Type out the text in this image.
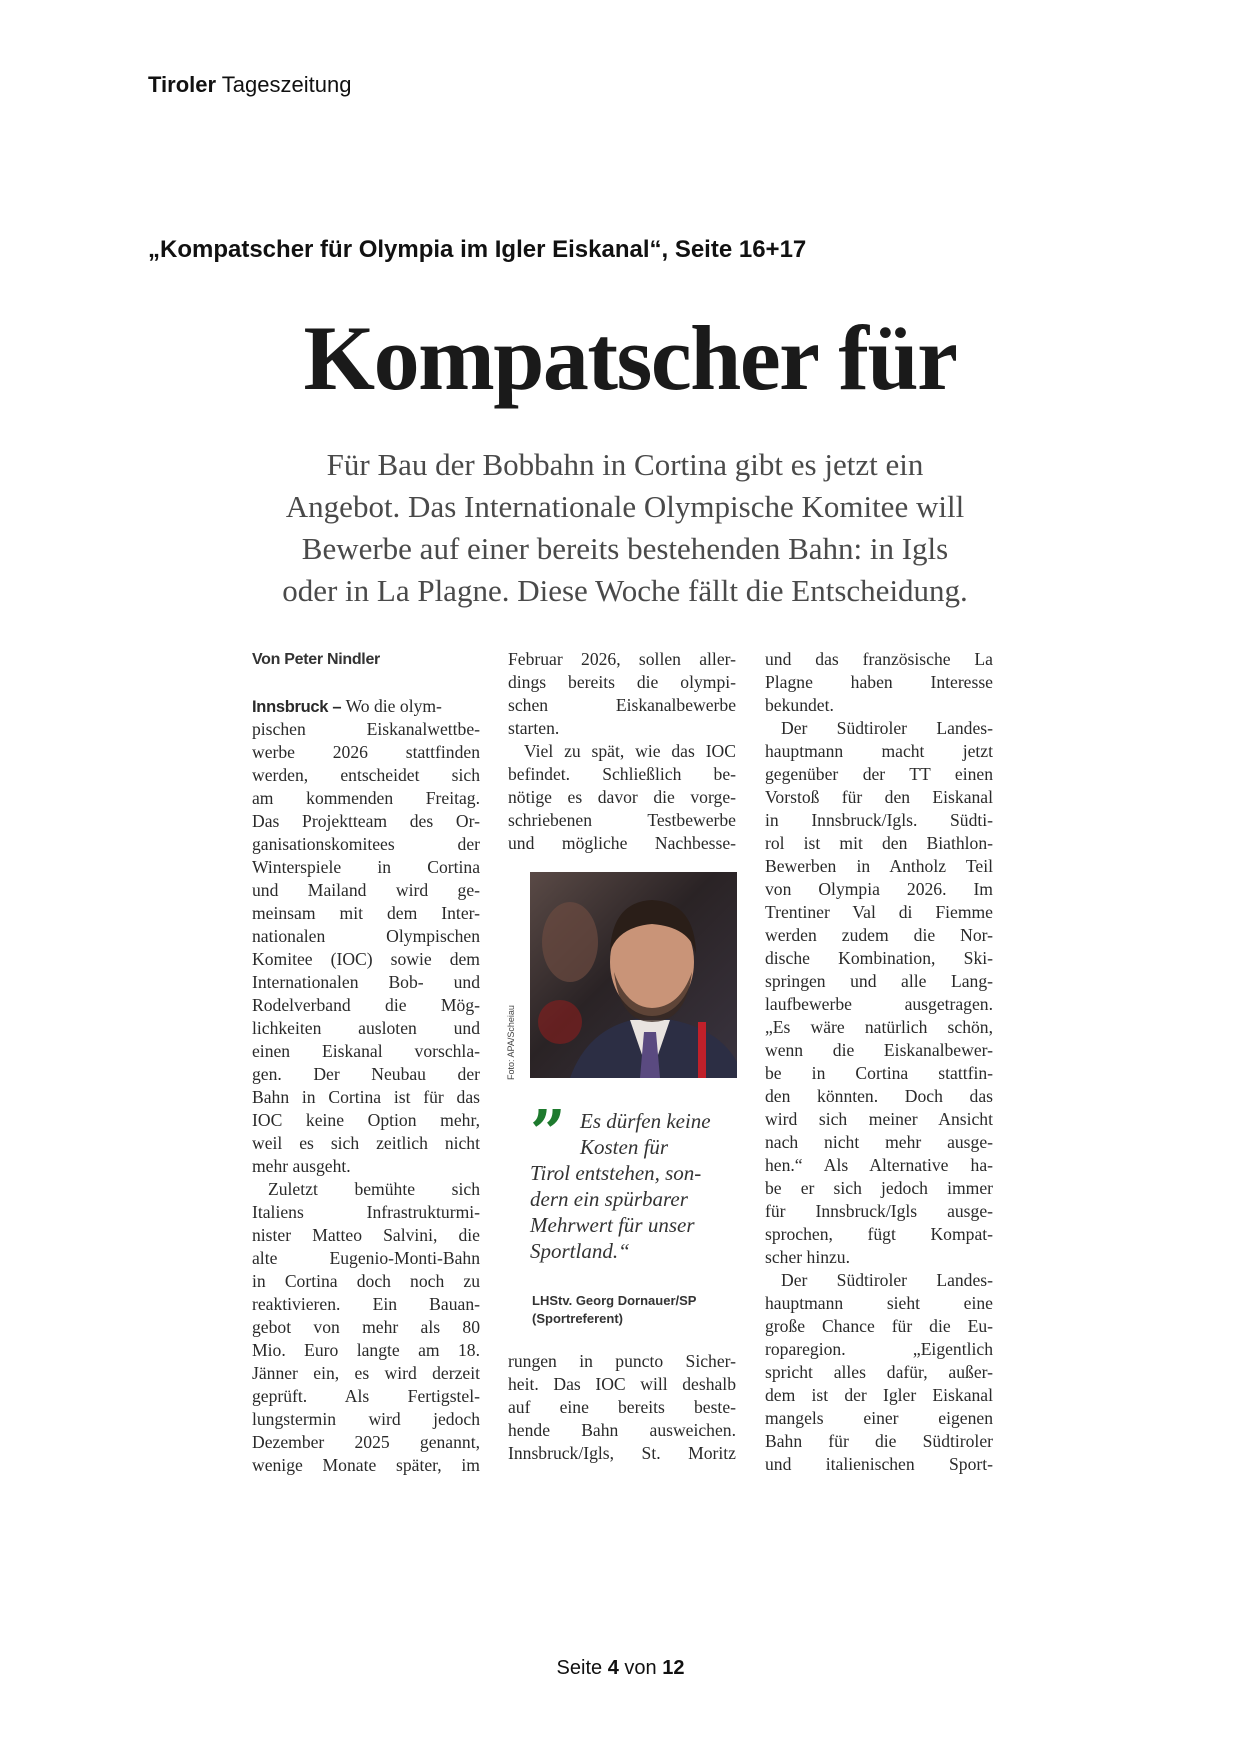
Tiroler Tageszeitung
„Kompatscher für Olympia im Igler Eiskanal“, Seite 16+17
Kompatscher für
Für Bau der Bobbahn in Cortina gibt es jetzt ein
Angebot. Das Internationale Olympische Komitee will
Bewerbe auf einer bereits bestehenden Bahn: in Igls
oder in La Plagne. Diese Woche fällt die Entscheidung.
Von Peter Nindler
Innsbruck – Wo die olym-
pischen Eiskanalwettbe-
werbe 2026 stattfinden
werden, entscheidet sich
am kommenden Freitag.
Das Projektteam des Or-
ganisationskomitees der
Winterspiele in Cortina
und Mailand wird ge-
meinsam mit dem Inter-
nationalen Olympischen
Komitee (IOC) sowie dem
Internationalen Bob- und
Rodelverband die Mög-
lichkeiten ausloten und
einen Eiskanal vorschla-
gen. Der Neubau der
Bahn in Cortina ist für das
IOC keine Option mehr,
weil es sich zeitlich nicht
mehr ausgeht.
Zuletzt bemühte sich
Italiens Infrastrukturmi-
nister Matteo Salvini, die
alte Eugenio-Monti-Bahn
in Cortina doch noch zu
reaktivieren. Ein Bauan-
gebot von mehr als 80
Mio. Euro langte am 18.
Jänner ein, es wird derzeit
geprüft. Als Fertigstel-
lungstermin wird jedoch
Dezember 2025 genannt,
wenige Monate später, im
Februar 2026, sollen aller-
dings bereits die olympi-
schen Eiskanalbewerbe
starten.
Viel zu spät, wie das IOC
befindet. Schließlich be-
nötige es davor die vorge-
schriebenen Testbewerbe
und mögliche Nachbesse-
rungen in puncto Sicher-
heit. Das IOC will deshalb
auf eine bereits beste-
hende Bahn ausweichen.
Innsbruck/Igls, St. Moritz
und das französische La
Plagne haben Interesse
bekundet.
Der Südtiroler Landes-
hauptmann macht jetzt
gegenüber der TT einen
Vorstoß für den Eiskanal
in Innsbruck/Igls. Südti-
rol ist mit den Biathlon-
Bewerben in Antholz Teil
von Olympia 2026. Im
Trentiner Val di Fiemme
werden zudem die Nor-
dische Kombination, Ski-
springen und alle Lang-
laufbewerbe ausgetragen.
„Es wäre natürlich schön,
wenn die Eiskanalbewer-
be in Cortina stattfin-
den könnten. Doch das
wird sich meiner Ansicht
nach nicht mehr ausge-
hen.“ Als Alternative ha-
be er sich jedoch immer
für Innsbruck/Igls ausge-
sprochen, fügt Kompat-
scher hinzu.
Der Südtiroler Landes-
hauptmann sieht eine
große Chance für die Eu-
roparegion. „Eigentlich
spricht alles dafür, außer-
dem ist der Igler Eiskanal
mangels einer eigenen
Bahn für die Südtiroler
und italienischen Sport-
Foto: APA/Scheiau
” Es dürfen keine
Kosten für
Tirol entstehen, son-
dern ein spürbarer
Mehrwert für unser
Sportland.“
LHStv. Georg Dornauer/SP
(Sportreferent)
Seite 4 von 12
